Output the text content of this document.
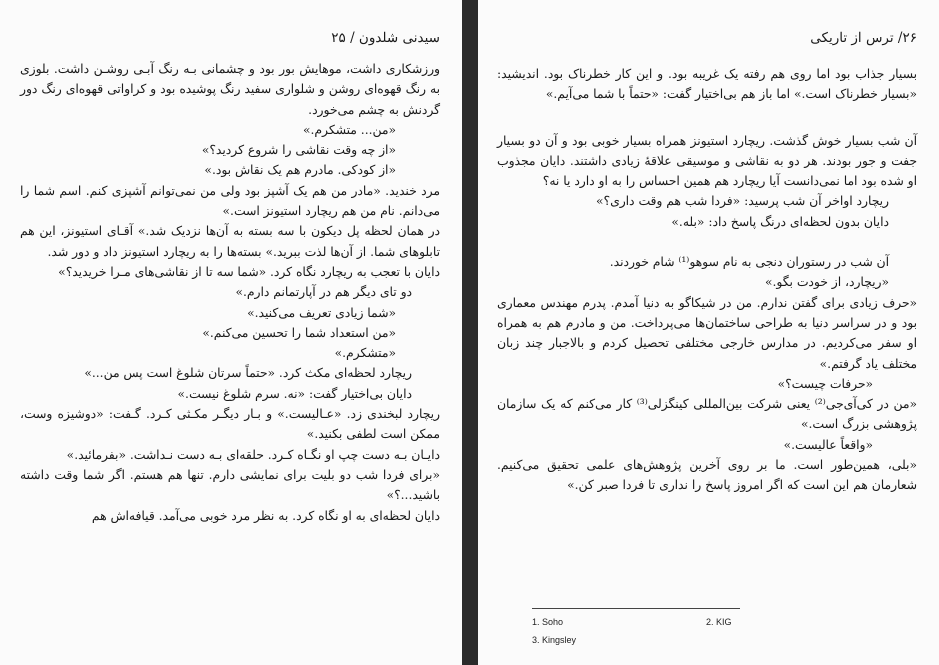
سیدنی شلدون / ۲۵

ورزشکاری داشت، موهایش بور بود و چشمانی بـه رنگ آبـی روشـن داشت. بلوزی به رنگ قهوه‌ای روشن و شلواری سفید رنگ پوشیده بود و کراواتی قهوه‌ای رنگ دور گردنش به چشم می‌خورد.

«من... متشکرم.»

«از چه وقت نقاشی را شروع کردید؟»

«از کودکی. مادرم هم یک نقاش بود.»

مرد خندید. «مادر من هم یک آشپز بود ولی من نمی‌توانم آشپزی کنم. اسم شما را می‌دانم. نام من هم ریچارد استیونز است.»

در همان لحظه پل دیکون با سه بسته به آن‌ها نزدیک شد.» آقـای استیونز، این هم تابلوهای شما. از آن‌ها لذت ببرید.» بسته‌ها را به ریچارد استیونز داد و دور شد.

دایان با تعجب به ریچارد نگاه کرد. «شما سه تا از نقاشی‌های مـرا خریدید؟»

دو تای دیگر هم در آپارتمانم دارم.»

«شما زیادی تعریف می‌کنید.»

«من استعداد شما را تحسین می‌کنم.»

«متشکرم.»

ریچارد لحظه‌ای مکث کرد. «حتماً سرتان شلوغ است پس من...»

دایان بی‌اختیار گفت: «نه. سرم شلوغ نیست.»

ریچارد لبخندی زد. «عـالیست.» و بـار دیگـر مکـثی کـرد. گـفت: «دوشیزه وست، ممکن است لطفی بکنید.»

دایـان بـه دست چپ او نگـاه کـرد. حلقه‌ای بـه دست نـداشت. «بفرمائید.»

«برای فردا شب دو بلیت برای نمایشی دارم. تنها هم هستم. اگر شما وقت داشته باشید...؟»

دایان لحظه‌ای به او نگاه کرد. به نظر مرد خوبی می‌آمد. قیافه‌اش هم

۲۶/ ترس از تاریکی

بسیار جذاب بود اما روی هم رفته یک غریبه بود. و این کار خطرناک بود. اندیشید: «بسیار خطرناک است.» اما باز هم بی‌اختیار گفت: «حتماً با شما می‌آیم.»

آن شب بسیار خوش گذشت. ریچارد استیونز همراه بسیار خوبی بود و آن دو بسیار جفت و جور بودند. هر دو به نقاشی و موسیقی علاقهٔ زیادی داشتند. دایان مجذوب او شده بود اما نمی‌دانست آیا ریچارد هم همین احساس را به او دارد یا نه؟

ریچارد اواخر آن شب پرسید: «فردا شب هم وقت داری؟»

دایان بدون لحظه‌ای درنگ پاسخ داد: «بله.»

آن شب در رستوران دنجی به نام سوهو⁽¹⁾ شام خوردند.

«ریچارد، از خودت بگو.»

«حرف زیادی برای گفتن ندارم. من در شیکاگو به دنیا آمدم. پدرم مهندس معماری بود و در سراسر دنیا به طراحی ساختمان‌ها می‌پرداخت. من و مادرم هم به همراه او سفر می‌کردیم. در مدارس خارجی مختلفی تحصیل کردم و بالاجبار چند زبان مختلف یاد گرفتم.»

«حرفات چیست؟»

«من در کی‌آی‌جی⁽²⁾ یعنی شرکت بین‌المللی کینگزلی⁽³⁾ کار می‌کنم که یک سازمان پژوهشی بزرگ است.»

«واقعاً عالیست.»

«بلی، همین‌طور است. ما بر روی آخرین پژوهش‌های علمی تحقیق می‌کنیم. شعارمان هم این است که اگر امروز پاسخ را نداری تا فردا صبر کن.»

1. Soho	2. KIG
3. Kingsley
